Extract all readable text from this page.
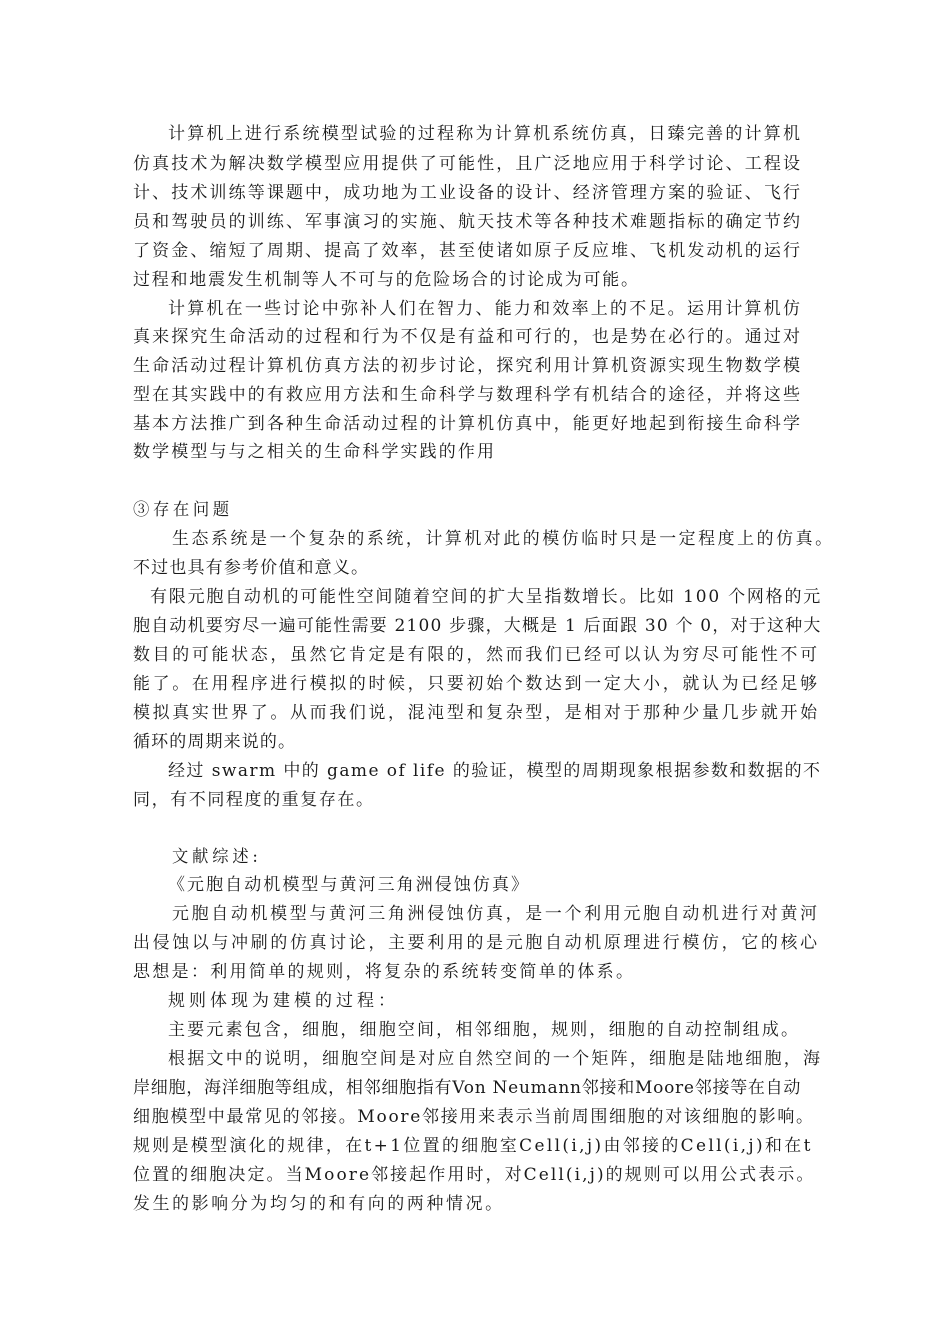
计算机上进行系统模型试验的过程称为计算机系统仿真，日臻完善的计算机
仿真技术为解决数学模型应用提供了可能性，且广泛地应用于科学讨论、工程设
计、技术训练等课题中，成功地为工业设备的设计、经济管理方案的验证、飞行
员和驾驶员的训练、军事演习的实施、航天技术等各种技术难题指标的确定节约
了资金、缩短了周期、提高了效率，甚至使诸如原子反应堆、飞机发动机的运行
过程和地震发生机制等人不可与的危险场合的讨论成为可能。
计算机在一些讨论中弥补人们在智力、能力和效率上的不足。运用计算机仿
真来探究生命活动的过程和行为不仅是有益和可行的，也是势在必行的。通过对
生命活动过程计算机仿真方法的初步讨论，探究利用计算机资源实现生物数学模
型在其实践中的有救应用方法和生命科学与数理科学有机结合的途径，并将这些
基本方法推广到各种生命活动过程的计算机仿真中，能更好地起到衔接生命科学
数学模型与与之相关的生命科学实践的作用
③存在问题
生态系统是一个复杂的系统，计算机对此的模仿临时只是一定程度上的仿真。
不过也具有参考价值和意义。
有限元胞自动机的可能性空间随着空间的扩大呈指数增长。比如 100 个网格的元
胞自动机要穷尽一遍可能性需要 2100 步骤，大概是 1 后面跟 30 个 0，对于这种大
数目的可能状态，虽然它肯定是有限的，然而我们已经可以认为穷尽可能性不可
能了。在用程序进行模拟的时候，只要初始个数达到一定大小，就认为已经足够
模拟真实世界了。从而我们说，混沌型和复杂型，是相对于那种少量几步就开始
循环的周期来说的。
经过 swarm 中的 game of life 的验证，模型的周期现象根据参数和数据的不
同，有不同程度的重复存在。
文献综述:
《元胞自动机模型与黄河三角洲侵蚀仿真》
元胞自动机模型与黄河三角洲侵蚀仿真，是一个利用元胞自动机进行对黄河
出侵蚀以与冲刷的仿真讨论，主要利用的是元胞自动机原理进行模仿，它的核心
思想是：利用简单的规则，将复杂的系统转变简单的体系。
规则体现为建模的过程：
主要元素包含，细胞，细胞空间，相邻细胞，规则，细胞的自动控制组成。
根据文中的说明，细胞空间是对应自然空间的一个矩阵，细胞是陆地细胞，海
岸细胞，海洋细胞等组成，相邻细胞指有Von Neumann邻接和Moore邻接等在自动
细胞模型中最常见的邻接。Moore邻接用来表示当前周围细胞的对该细胞的影响。
规则是模型演化的规律，在t+1位置的细胞室Cell(i,j)由邻接的Cell(i,j)和在t
位置的细胞决定。当Moore邻接起作用时，对Cell(i,j)的规则可以用公式表示。
发生的影响分为均匀的和有向的两种情况。
